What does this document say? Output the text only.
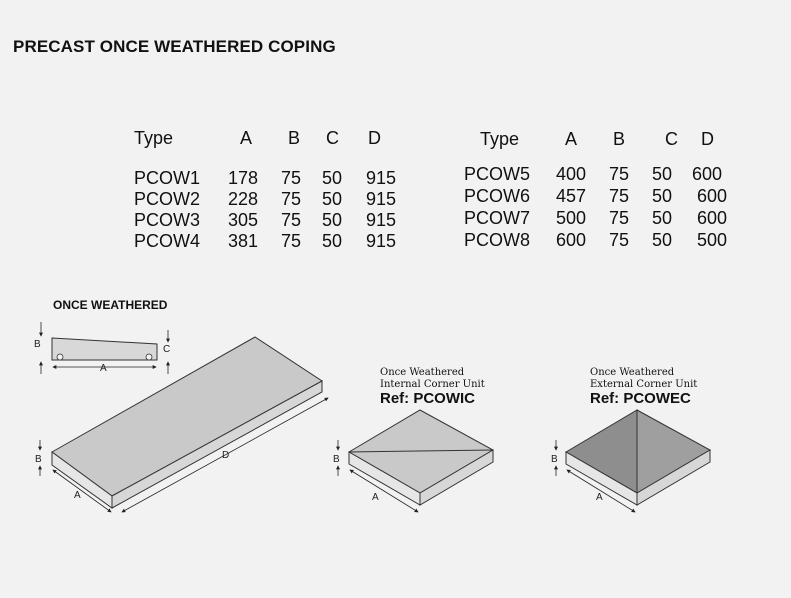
PRECAST ONCE WEATHERED COPING
Type	A B C D
PCOW1 178 75 50 915
PCOW2 228 75 50 915
PCOW3 305 75 50 915
PCOW4 381 75 50 915
Type	A B C D
PCOW5 400 75 50 600
PCOW6 457 75 50 600
PCOW7 500 75 50 600
PCOW8 600 75 50 500
ONCE WEATHERED
Once Weathered
Internal Corner Unit
Ref: PCOWIC
Once Weathered
External Corner Unit
Ref: PCOWEC
B	C
A
D
A
B
A
B
A
B
